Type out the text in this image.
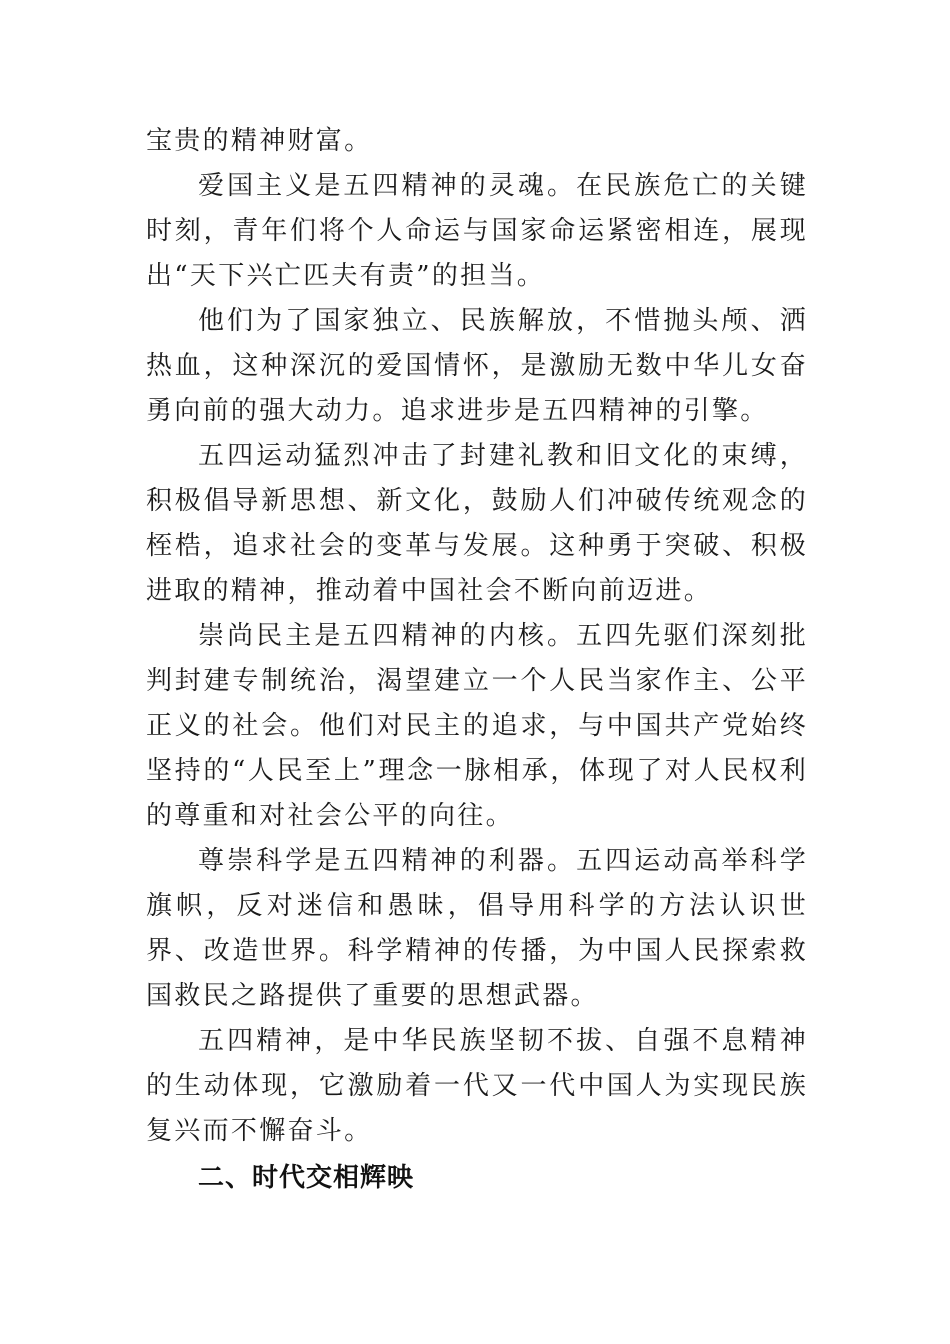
宝贵的精神财富。

爱国主义是五四精神的灵魂。在民族危亡的关键时刻，青年们将个人命运与国家命运紧密相连，展现出“天下兴亡匹夫有责”的担当。

他们为了国家独立、民族解放，不惜抛头颅、洒热血，这种深沉的爱国情怀，是激励无数中华儿女奋勇向前的强大动力。追求进步是五四精神的引擎。

五四运动猛烈冲击了封建礼教和旧文化的束缚，积极倡导新思想、新文化，鼓励人们冲破传统观念的桎梏，追求社会的变革与发展。这种勇于突破、积极进取的精神，推动着中国社会不断向前迈进。

崇尚民主是五四精神的内核。五四先驱们深刻批判封建专制统治，渴望建立一个人民当家作主、公平正义的社会。他们对民主的追求，与中国共产党始终坚持的“人民至上”理念一脉相承，体现了对人民权利的尊重和对社会公平的向往。

尊崇科学是五四精神的利器。五四运动高举科学旗帜，反对迷信和愚昧，倡导用科学的方法认识世界、改造世界。科学精神的传播，为中国人民探索救国救民之路提供了重要的思想武器。

五四精神，是中华民族坚韧不拔、自强不息精神的生动体现，它激励着一代又一代中国人为实现民族复兴而不懈奋斗。

二、时代交相辉映
